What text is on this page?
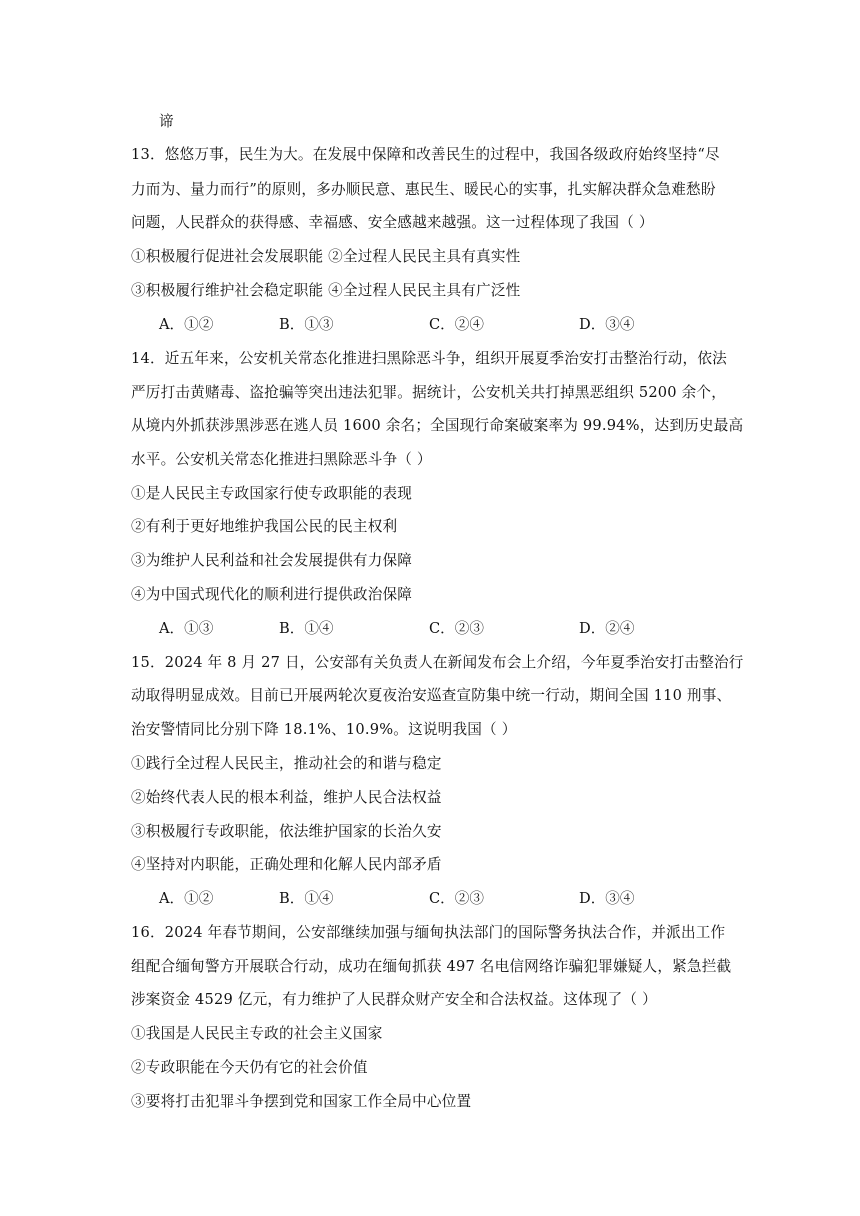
谛
13．悠悠万事，民生为大。在发展中保障和改善民生的过程中，我国各级政府始终坚持“尽
力而为、量力而行”的原则，多办顺民意、惠民生、暖民心的实事，扎实解决群众急难愁盼
问题，人民群众的获得感、幸福感、安全感越来越强。这一过程体现了我国（ ）
①积极履行促进社会发展职能 ②全过程人民民主具有真实性
③积极履行维护社会稳定职能 ④全过程人民民主具有广泛性
A．①②	B．①③	C．②④	D．③④
14．近五年来，公安机关常态化推进扫黑除恶斗争，组织开展夏季治安打击整治行动，依法
严厉打击黄赌毒、盗抢骗等突出违法犯罪。据统计，公安机关共打掉黑恶组织 5200 余个，
从境内外抓获涉黑涉恶在逃人员 1600 余名；全国现行命案破案率为 99.94%，达到历史最高
水平。公安机关常态化推进扫黑除恶斗争（ ）
①是人民民主专政国家行使专政职能的表现
②有利于更好地维护我国公民的民主权利
③为维护人民利益和社会发展提供有力保障
④为中国式现代化的顺利进行提供政治保障
A．①③	B．①④	C．②③	D．②④
15．2024 年 8 月 27 日，公安部有关负责人在新闻发布会上介绍，今年夏季治安打击整治行
动取得明显成效。目前已开展两轮次夏夜治安巡查宣防集中统一行动，期间全国 110 刑事、
治安警情同比分别下降 18.1%、10.9%。这说明我国（ ）
①践行全过程人民民主，推动社会的和谐与稳定
②始终代表人民的根本利益，维护人民合法权益
③积极履行专政职能，依法维护国家的长治久安
④坚持对内职能，正确处理和化解人民内部矛盾
A．①②	B．①④	C．②③	D．③④
16．2024 年春节期间，公安部继续加强与缅甸执法部门的国际警务执法合作，并派出工作
组配合缅甸警方开展联合行动，成功在缅甸抓获 497 名电信网络诈骗犯罪嫌疑人，紧急拦截
涉案资金 4529 亿元，有力维护了人民群众财产安全和合法权益。这体现了（ ）
①我国是人民民主专政的社会主义国家
②专政职能在今天仍有它的社会价值
③要将打击犯罪斗争摆到党和国家工作全局中心位置
